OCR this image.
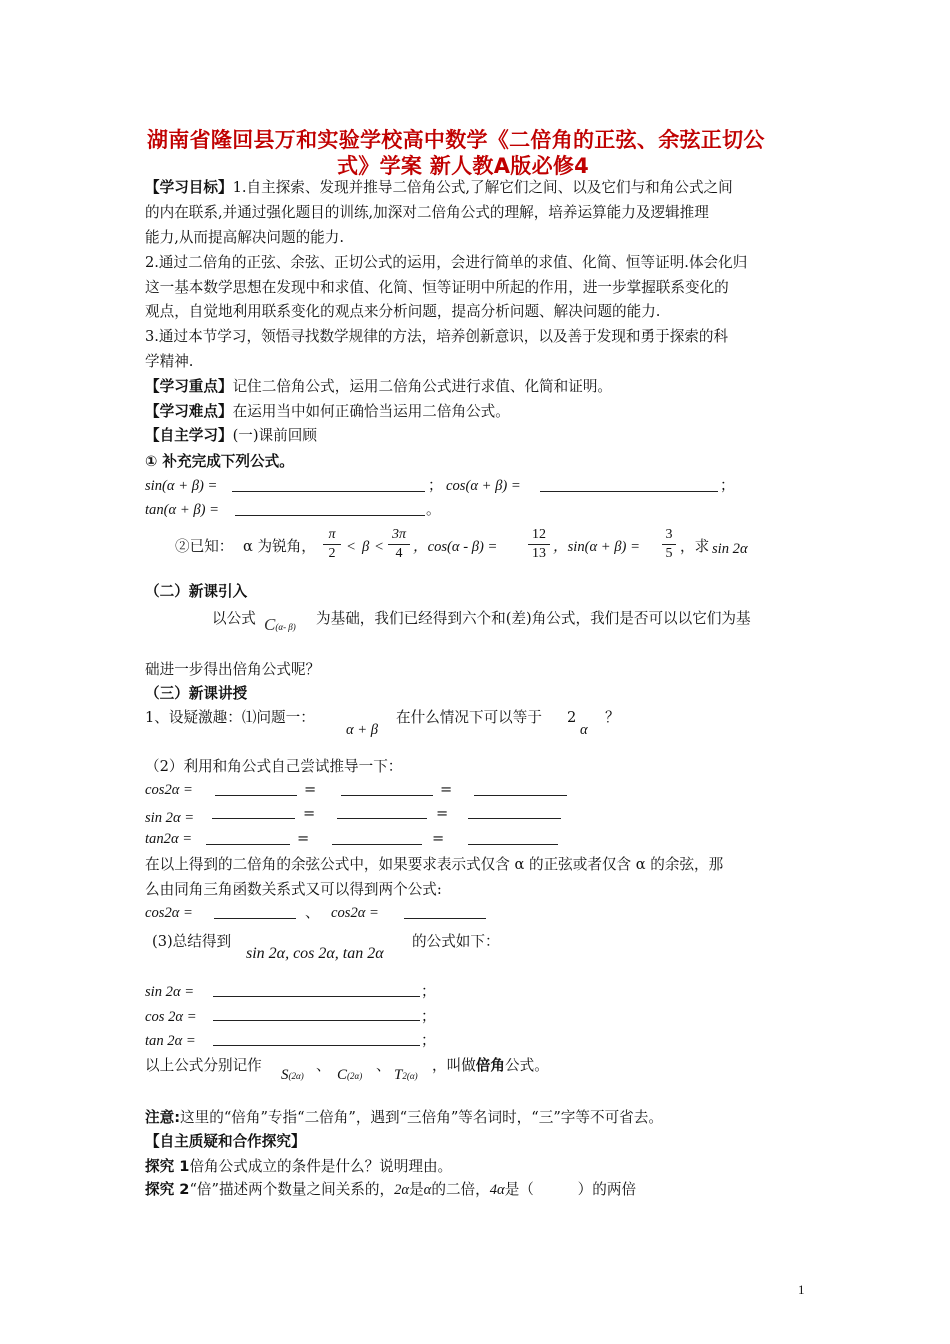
湖南省隆回县万和实验学校高中数学《二倍角的正弦、余弦正切公
式》学案 新人教A版必修4
【学习目标】1.自主探索、发现并推导二倍角公式,了解它们之间、以及它们与和角公式之间
的内在联系,并通过强化题目的训练,加深对二倍角公式的理解，培养运算能力及逻辑推理
能力,从而提高解决问题的能力.
2.通过二倍角的正弦、余弦、正切公式的运用，会进行简单的求值、化简、恒等证明.体会化归
这一基本数学思想在发现中和求值、化简、恒等证明中所起的作用，进一步掌握联系变化的
观点，自觉地利用联系变化的观点来分析问题，提高分析问题、解决问题的能力.
3.通过本节学习，领悟寻找数学规律的方法，培养创新意识，以及善于发现和勇于探索的科
学精神.
【学习重点】记住二倍角公式，运用二倍角公式进行求值、化简和证明。
【学习难点】在运用当中如何正确恰当运用二倍角公式。
【自主学习】(一)课前回顾
① 补充完成下列公式。
sin(α + β) =	； cos(α + β) =	；
tan(α + β) =	。
②已知： α 为锐角，
π
2 < β <
3π
4 ，cos(α - β) =
12
13 ，sin(α + β) =
3
5 ，求 sin 2α
（二）新课引入
以公式 C(α- β) 为基础，我们已经得到六个和(差)角公式，我们是否可以以它们为基
础进一步得出倍角公式呢？
（三）新课讲授
1、设疑激趣：⑴问题一：
α + β
在什么情况下可以等于 2
α
？
（2）利用和角公式自己尝试推导一下：
cos2α =	=	=
sin 2α =	=	=
tan2α =	=	=
在以上得到的二倍角的余弦公式中，如果要求表示式仅含 α 的正弦或者仅含 α 的余弦，那
么由同角三角函数关系式又可以得到两个公式:
cos2α =	、 cos2α =
(3)总结得到
sin 2α, cos 2α, tan 2α
的公式如下：
sin 2α =	；
cos 2α =	；
tan 2α =	；
以上公式分别记作
S(2α)
、
C(2α)
、
T2(α)
，叫做倍角公式。
注意:这里的“倍角”专指“二倍角”，遇到“三倍角”等名词时，“三”字等不可省去。
【自主质疑和合作探究】
探究 1倍角公式成立的条件是什么？说明理由。
探究 2“倍”描述两个数量之间关系的，2α是α的二倍，4α是（　　　）的两倍
1
